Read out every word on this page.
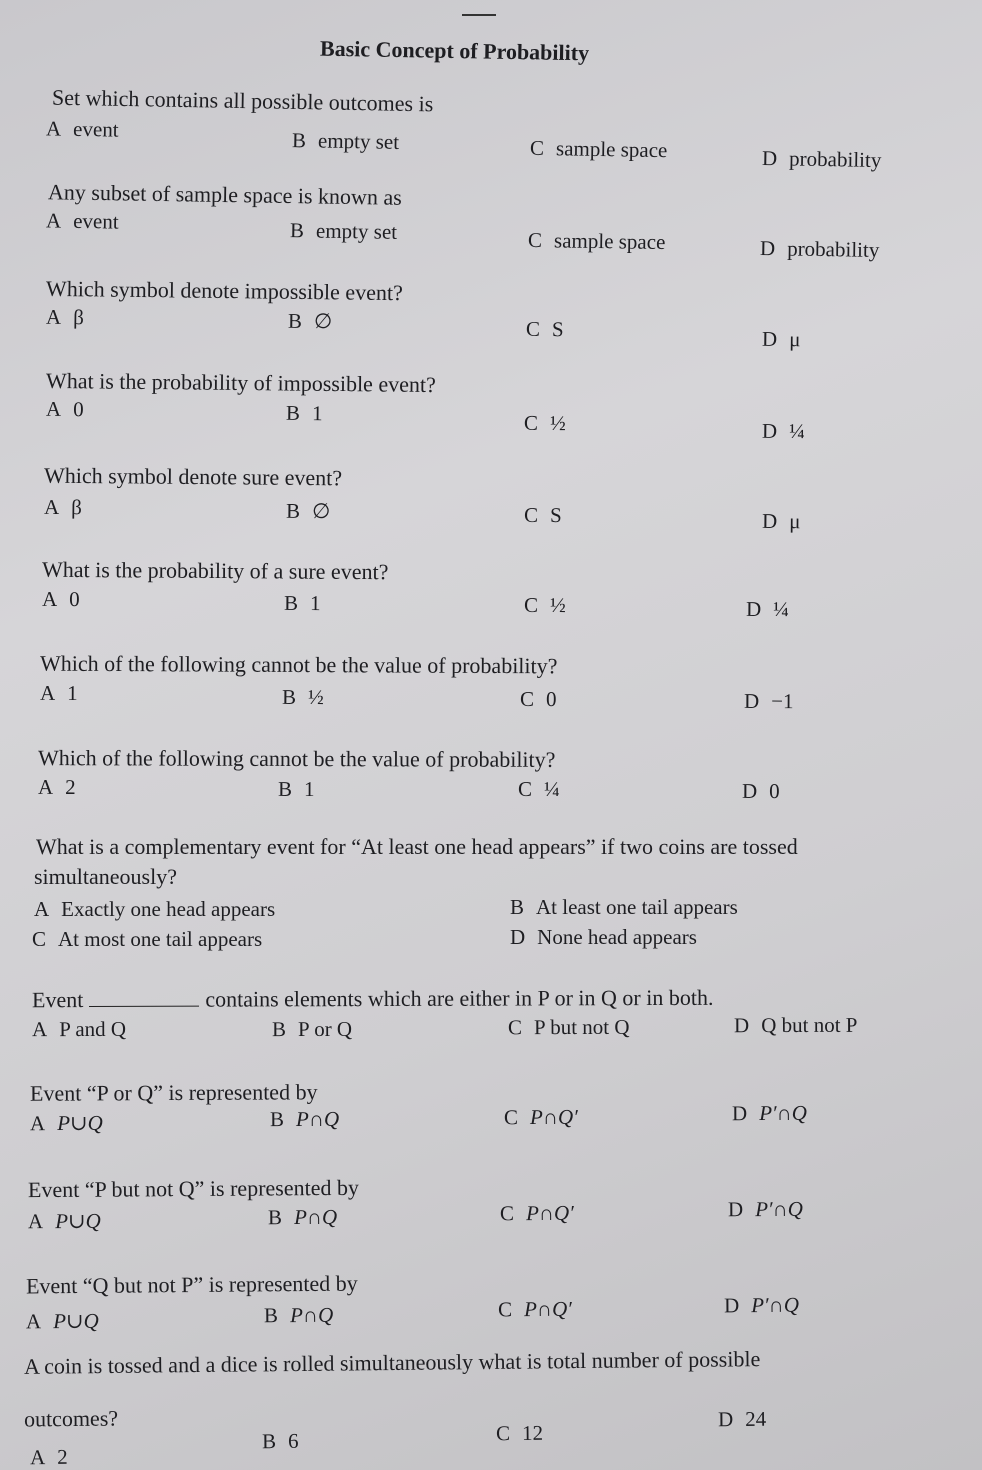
Basic Concept of Probability
Set which contains all possible outcomes is
A event	B empty set	C sample space	D probability
Any subset of sample space is known as
A event	B empty set	C sample space	D probability
Which symbol denote impossible event?
A β	B ∅	C S	D μ
What is the probability of impossible event?
A 0	B 1	C ½	D ¼
Which symbol denote sure event?
A β	B ∅	C S	D μ
What is the probability of a sure event?
A 0	B 1	C ½	D ¼
Which of the following cannot be the value of probability?
A 1	B ½	C 0	D −1
Which of the following cannot be the value of probability?
A 2	B 1	C ¼	D 0
What is a complementary event for “At least one head appears” if two coins are tossed
simultaneously?
A Exactly one head appears	B At least one tail appears
C At most one tail appears	D None head appears
Event	contains elements which are either in P or in Q or in both.
A P and Q	B P or Q	C P but not Q	D Q but not P
Event “P or Q” is represented by
A P∪Q	B P∩Q	C P∩Q′	D P′∩Q
Event “P but not Q” is represented by
A P∪Q	B P∩Q	C P∩Q′	D P′∩Q
Event “Q but not P” is represented by
A P∪Q	B P∩Q	C P∩Q′	D P′∩Q
A coin is tossed and a dice is rolled simultaneously what is total number of possible
outcomes?
A 2
B 6	C 12
D 24
